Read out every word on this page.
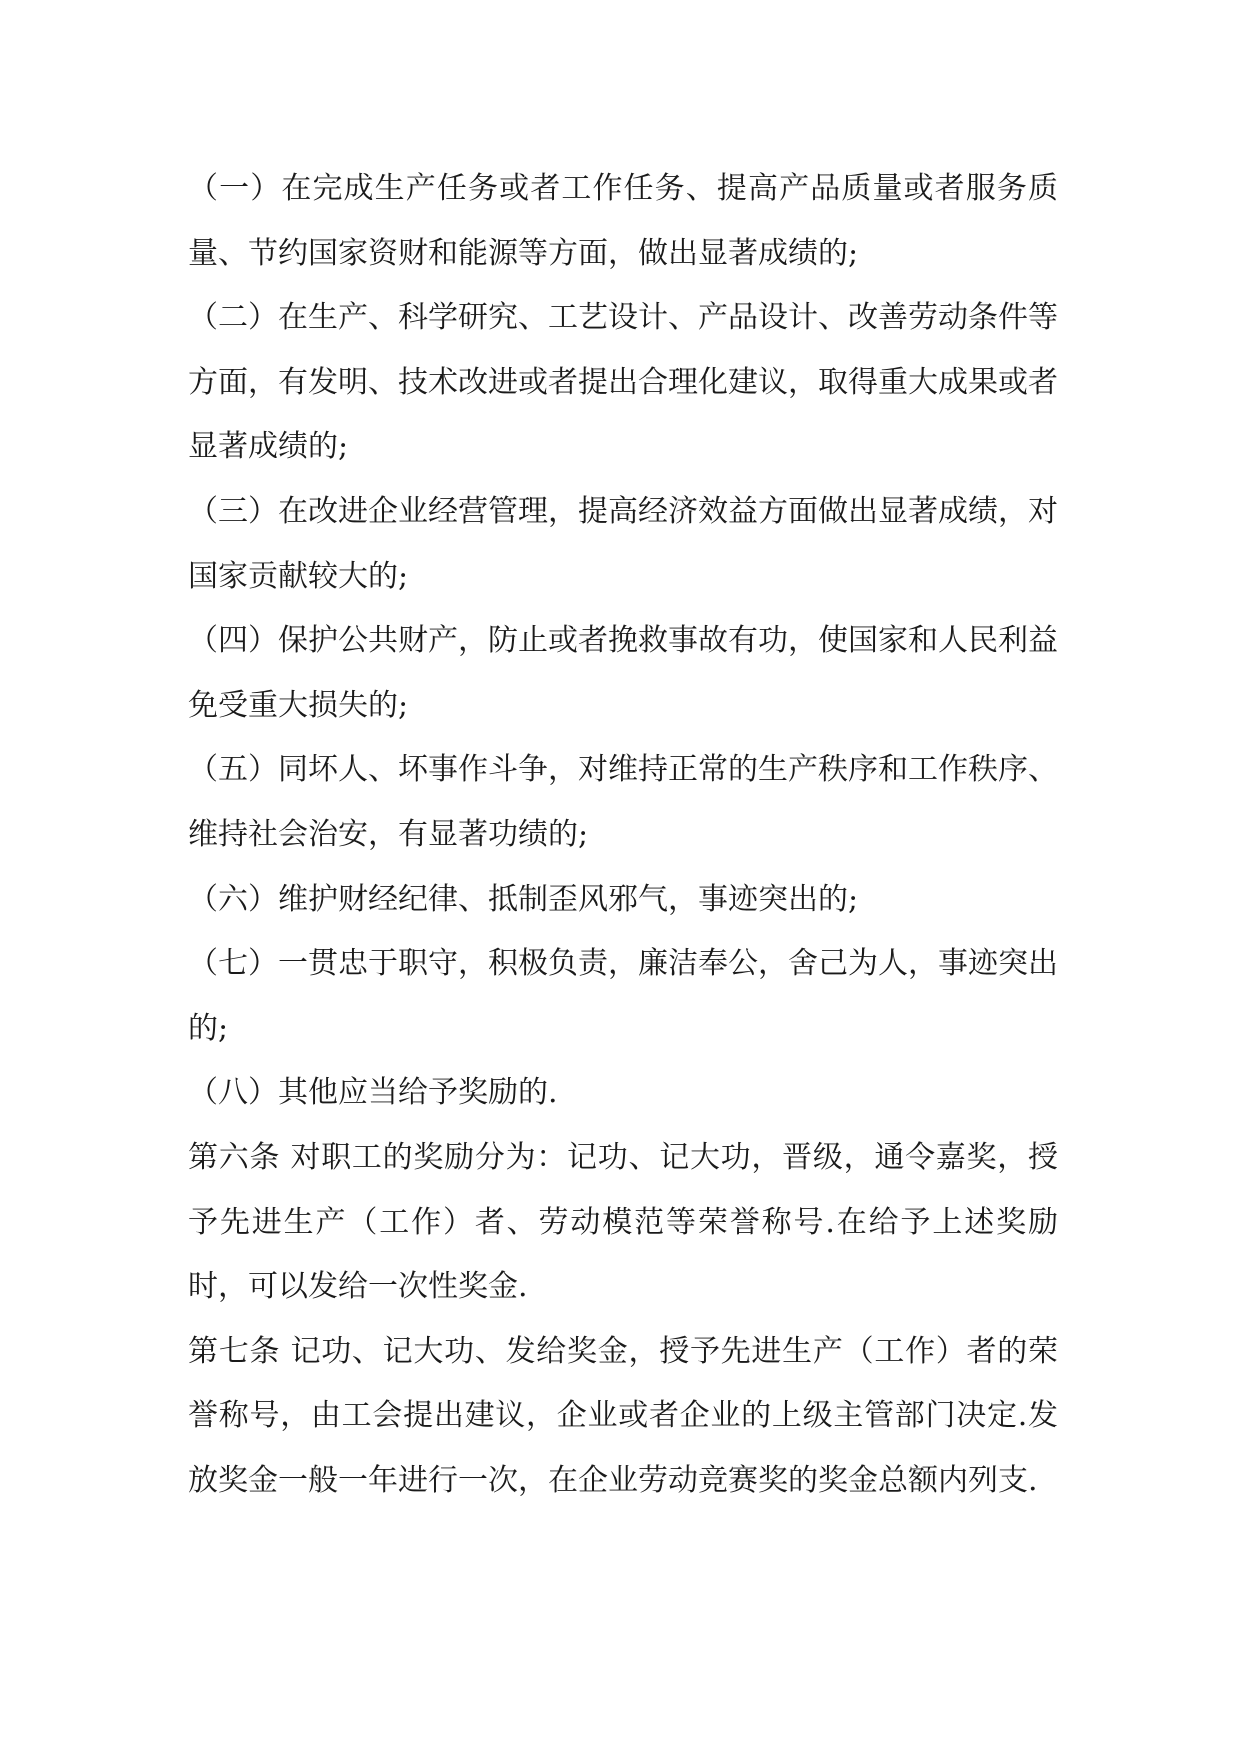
（一）在完成生产任务或者工作任务、提高产品质量或者服务质量、节约国家资财和能源等方面，做出显著成绩的;

（二）在生产、科学研究、工艺设计、产品设计、改善劳动条件等方面，有发明、技术改进或者提出合理化建议，取得重大成果或者显著成绩的;

（三）在改进企业经营管理，提高经济效益方面做出显著成绩，对国家贡献较大的;

（四）保护公共财产，防止或者挽救事故有功，使国家和人民利益免受重大损失的;

（五）同坏人、坏事作斗争，对维持正常的生产秩序和工作秩序、维持社会治安，有显著功绩的;

（六）维护财经纪律、抵制歪风邪气，事迹突出的;

（七）一贯忠于职守，积极负责，廉洁奉公，舍己为人，事迹突出的;

（八）其他应当给予奖励的.

第六条 对职工的奖励分为：记功、记大功，晋级，通令嘉奖，授予先进生产（工作）者、劳动模范等荣誉称号.在给予上述奖励时，可以发给一次性奖金.

第七条 记功、记大功、发给奖金，授予先进生产（工作）者的荣誉称号，由工会提出建议，企业或者企业的上级主管部门决定.发放奖金一般一年进行一次，在企业劳动竞赛奖的奖金总额内列支.
